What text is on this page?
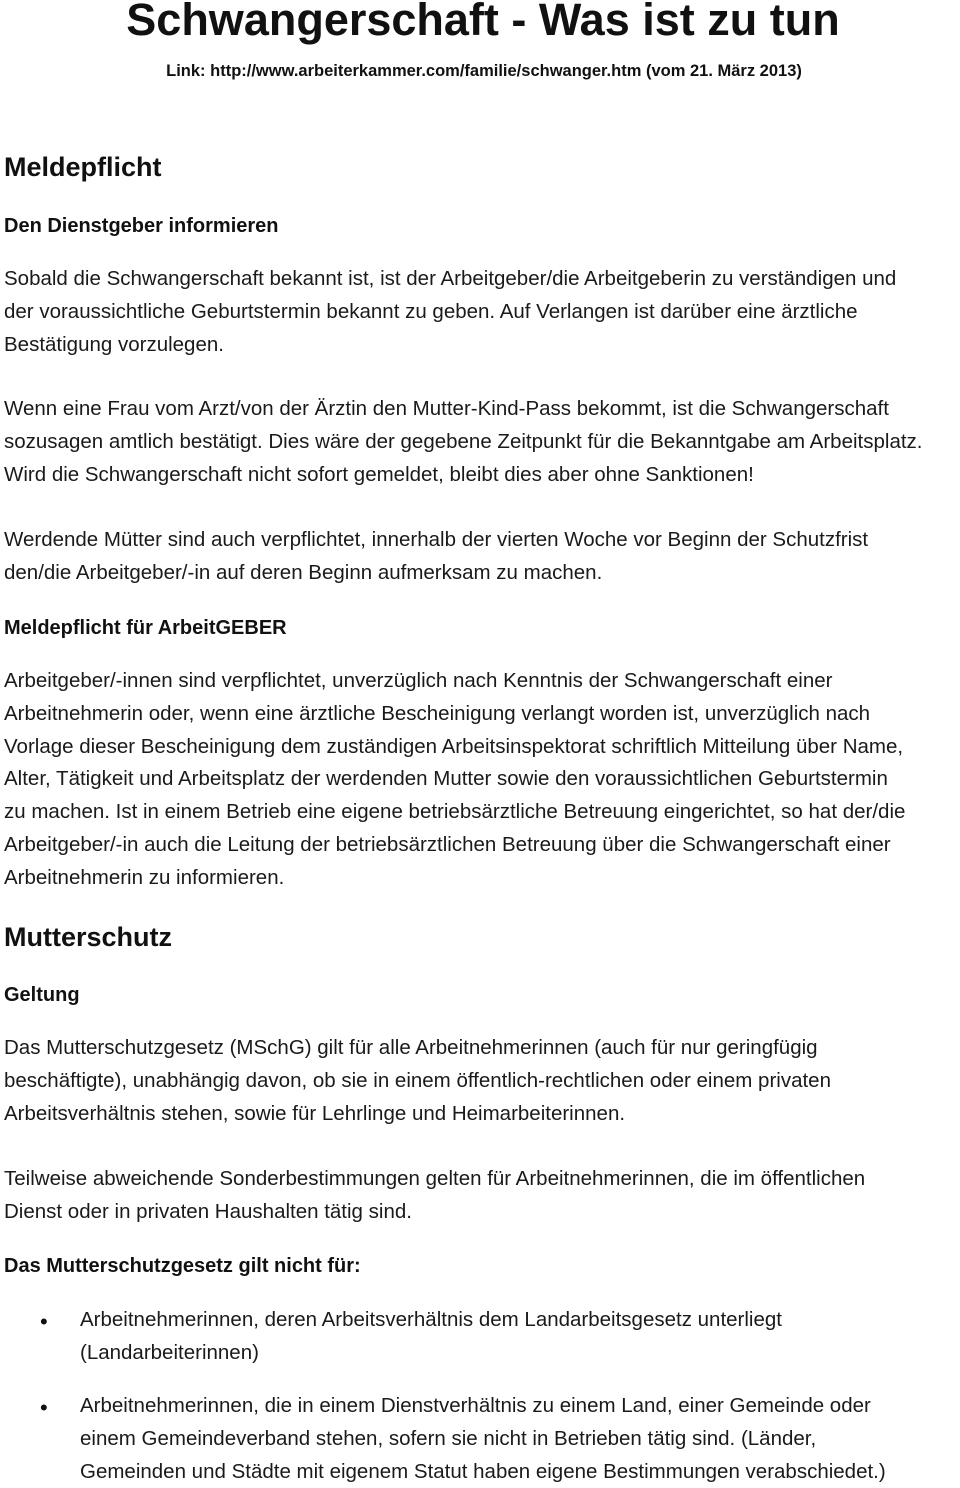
Schwangerschaft - Was ist zu tun
Link: http://www.arbeiterkammer.com/familie/schwanger.htm (vom 21. März 2013)
Meldepflicht
Den Dienstgeber informieren

Sobald die Schwangerschaft bekannt ist, ist der Arbeitgeber/die Arbeitgeberin zu verständigen und
der voraussichtliche Geburtstermin bekannt zu geben. Auf Verlangen ist darüber eine ärztliche
Bestätigung vorzulegen.

Wenn eine Frau vom Arzt/von der Ärztin den Mutter-Kind-Pass bekommt, ist die Schwangerschaft
sozusagen amtlich bestätigt. Dies wäre der gegebene Zeitpunkt für die Bekanntgabe am Arbeitsplatz.
Wird die Schwangerschaft nicht sofort gemeldet, bleibt dies aber ohne Sanktionen!

Werdende Mütter sind auch verpflichtet, innerhalb der vierten Woche vor Beginn der Schutzfrist
den/die Arbeitgeber/-in auf deren Beginn aufmerksam zu machen.

Meldepflicht für ArbeitGEBER

Arbeitgeber/-innen sind verpflichtet, unverzüglich nach Kenntnis der Schwangerschaft einer
Arbeitnehmerin oder, wenn eine ärztliche Bescheinigung verlangt worden ist, unverzüglich nach
Vorlage dieser Bescheinigung dem zuständigen Arbeitsinspektorat schriftlich Mitteilung über Name,
Alter, Tätigkeit und Arbeitsplatz der werdenden Mutter sowie den voraussichtlichen Geburtstermin
zu machen. Ist in einem Betrieb eine eigene betriebsärztliche Betreuung eingerichtet, so hat der/die
Arbeitgeber/-in auch die Leitung der betriebsärztlichen Betreuung über die Schwangerschaft einer
Arbeitnehmerin zu informieren.

Mutterschutz
Geltung

Das Mutterschutzgesetz (MSchG) gilt für alle Arbeitnehmerinnen (auch für nur geringfügig
beschäftigte), unabhängig davon, ob sie in einem öffentlich-rechtlichen oder einem privaten
Arbeitsverhältnis stehen, sowie für Lehrlinge und Heimarbeiterinnen.

Teilweise abweichende Sonderbestimmungen gelten für Arbeitnehmerinnen, die im öffentlichen
Dienst oder in privaten Haushalten tätig sind.

Das Mutterschutzgesetz gilt nicht für:
• Arbeitnehmerinnen, deren Arbeitsverhältnis dem Landarbeitsgesetz unterliegt
(Landarbeiterinnen)
• Arbeitnehmerinnen, die in einem Dienstverhältnis zu einem Land, einer Gemeinde oder
einem Gemeindeverband stehen, sofern sie nicht in Betrieben tätig sind. (Länder,
Gemeinden und Städte mit eigenem Statut haben eigene Bestimmungen verabschiedet.)
